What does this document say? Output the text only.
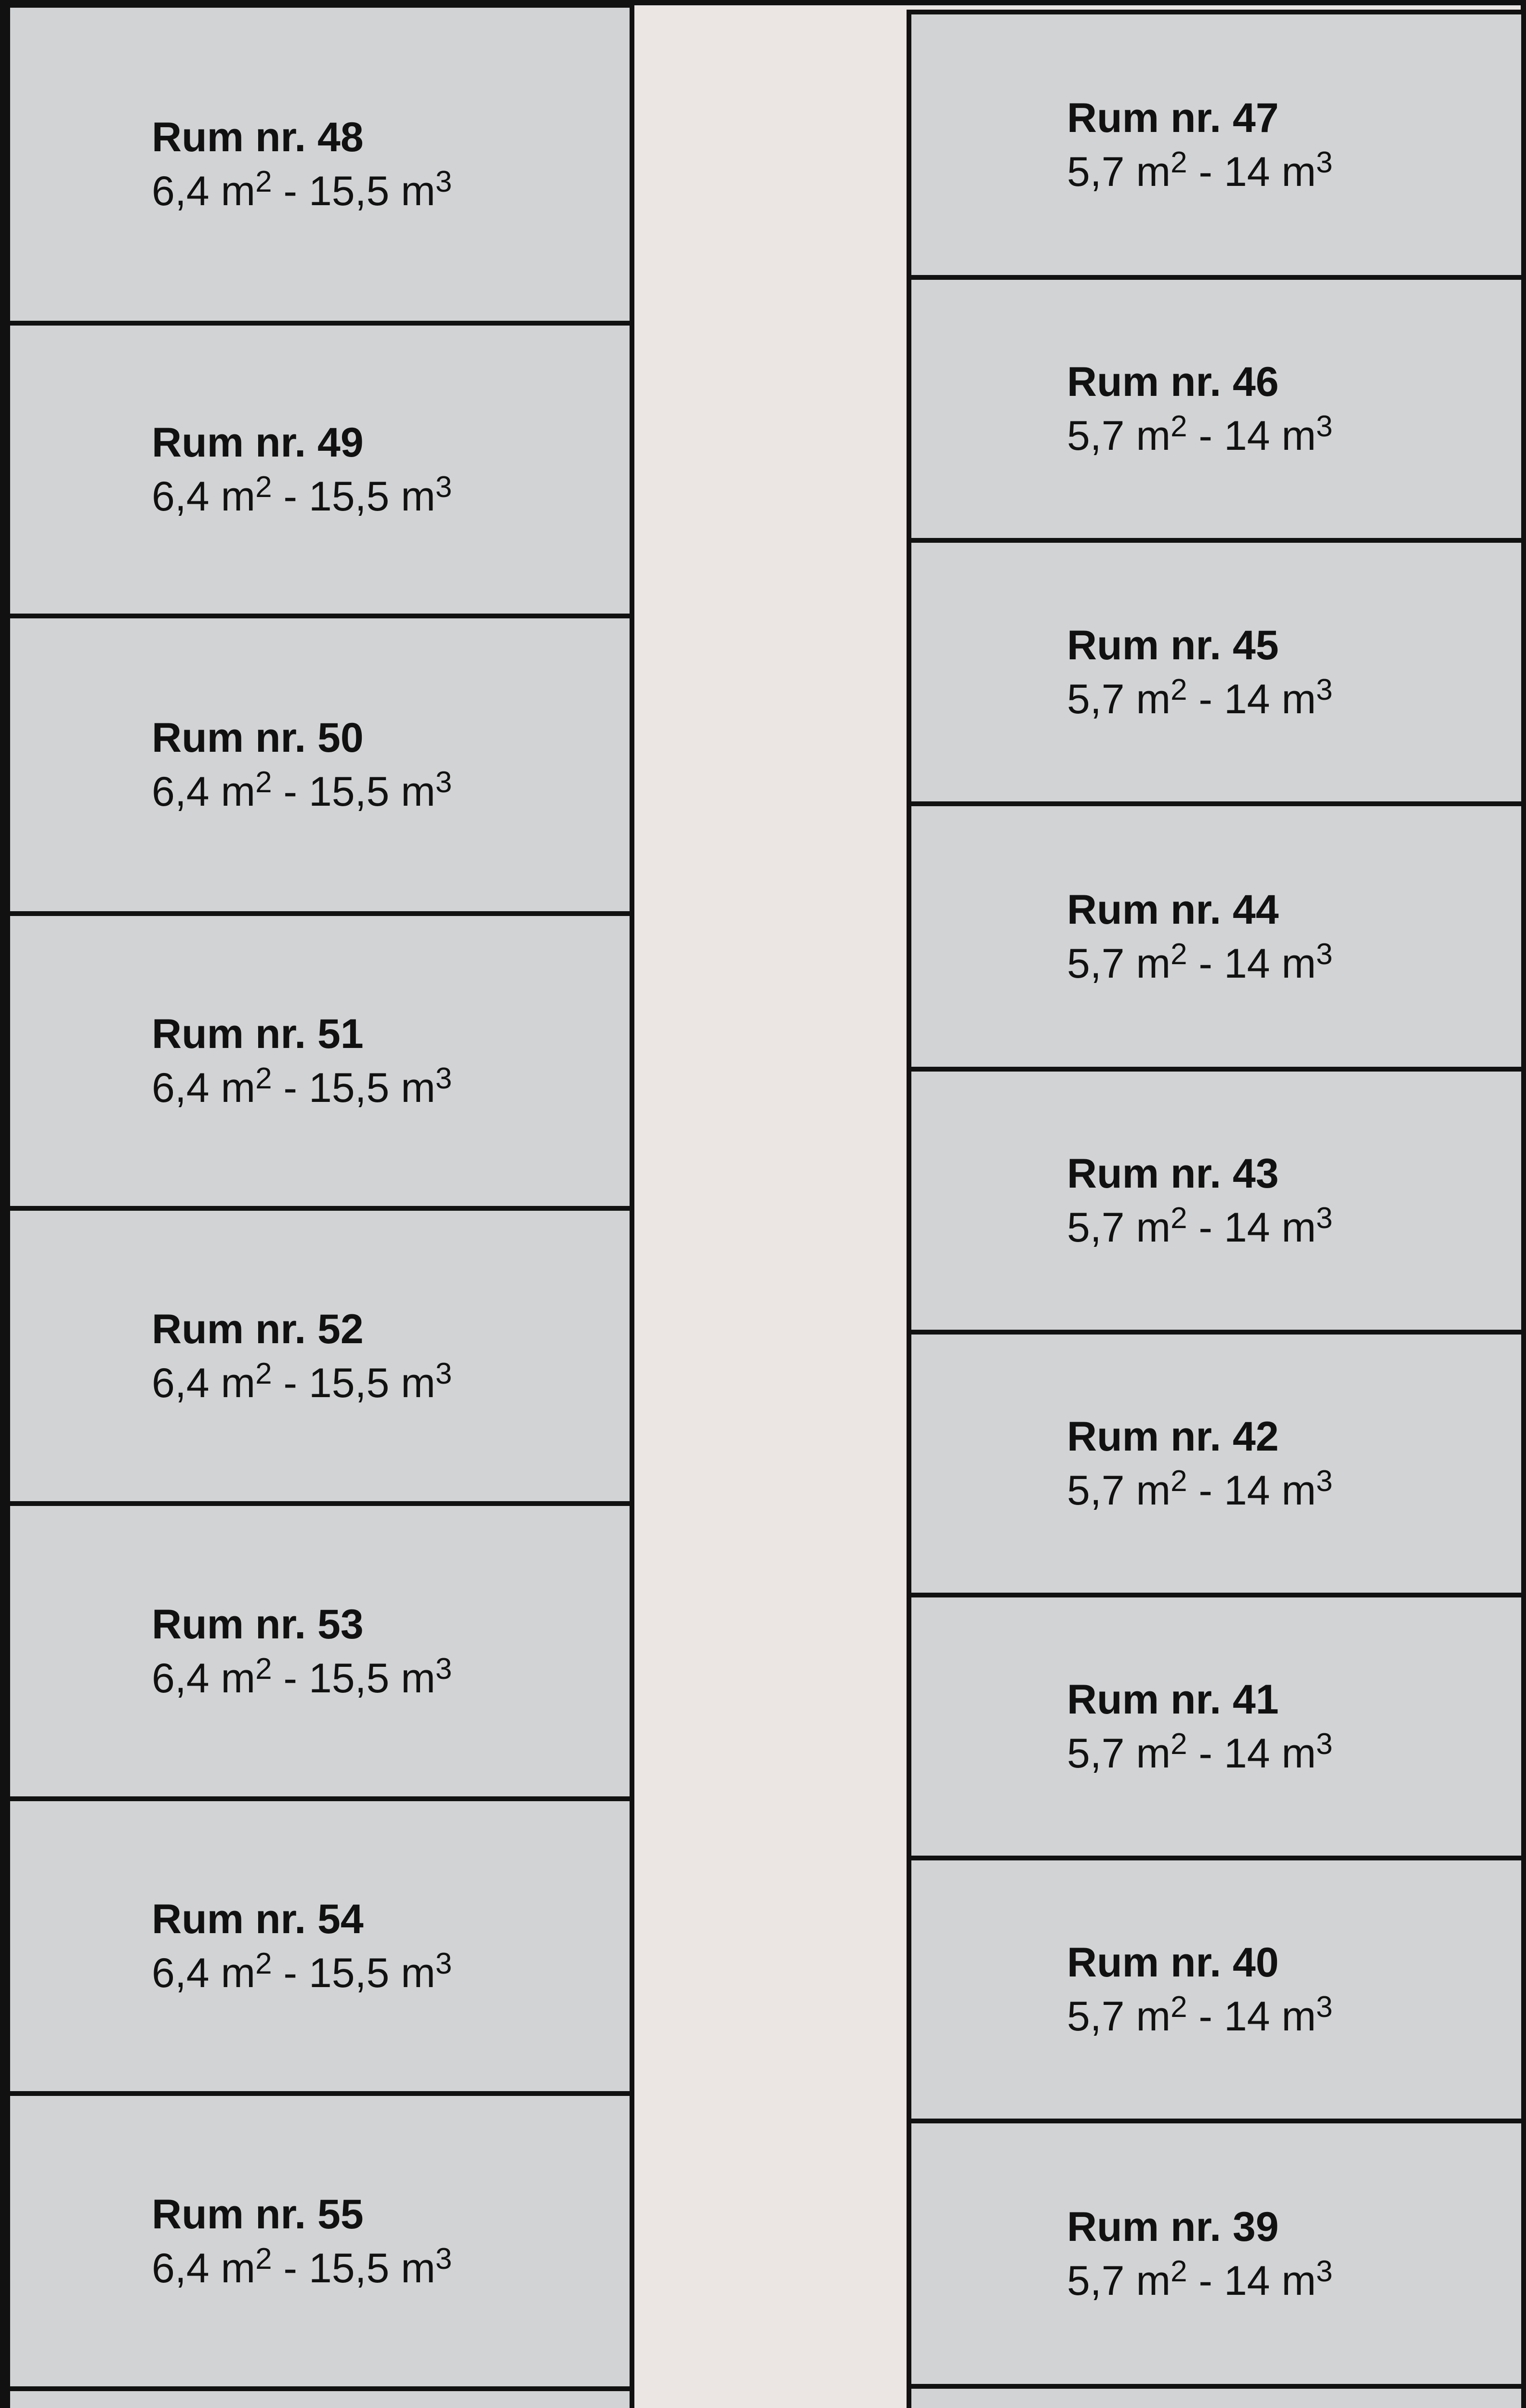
Rum nr. 48
6,4 $m^2 - 15,5$ $m^3$
Rum nr. 49
6,4 $m^2 - 15,5$ $m^3$
Rum nr. 50
6,4 $m^2 - 15,5$ $m^3$
Rum nr. 51
6,4 $m^2 - 15,5$ $m^3$
Rum nr. 52
6,4 $m^2 - 15,5$ $m^3$
Rum nr. 53
6,4 $m^2 - 15,5$ $m^3$
Rum nr. 54
6,4 $m^2 - 15,5$ $m^3$
Rum nr. 55
6,4 $m^2 - 15,5$ $m^3$
Rum nr. 47
5,7 $m^2 - 14$ $m^3$
Rum nr. 46
5,7 $m^2 - 14$ $m^3$
Rum nr. 45
5,7 $m^2 - 14$ $m^3$
Rum nr. 44
5,7 $m^2 - 14$ $m^3$
Rum nr. 43
5,7 $m^2 - 14$ $m^3$
Rum nr. 42
5,7 $m^2 - 14$ $m^3$
Rum nr. 41
5,7 $m^2 - 14$ $m^3$
Rum nr. 40
5,7 $m^2 - 14$ $m^3$
Rum nr. 39
5,7 $m^2 - 14$ $m^3$
